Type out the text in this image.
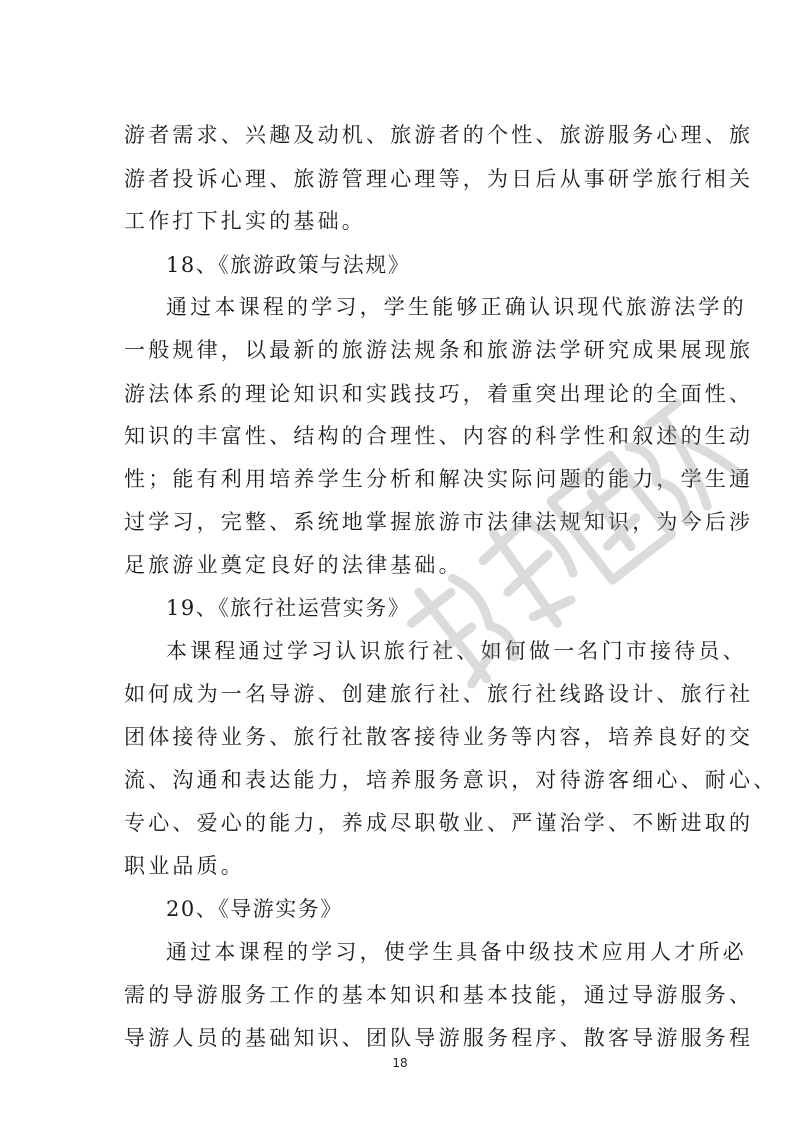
游者需求、兴趣及动机、旅游者的个性、旅游服务心理、旅
游者投诉心理、旅游管理心理等，为日后从事研学旅行相关
工作打下扎实的基础。
18、《旅游政策与法规》
通过本课程的学习，学生能够正确认识现代旅游法学的
一般规律，以最新的旅游法规条和旅游法学研究成果展现旅
游法体系的理论知识和实践技巧，着重突出理论的全面性、
知识的丰富性、结构的合理性、内容的科学性和叙述的生动
性；能有利用培养学生分析和解决实际问题的能力，学生通
过学习，完整、系统地掌握旅游市法律法规知识，为今后涉
足旅游业奠定良好的法律基础。
19、《旅行社运营实务》
本课程通过学习认识旅行社、如何做一名门市接待员、
如何成为一名导游、创建旅行社、旅行社线路设计、旅行社
团体接待业务、旅行社散客接待业务等内容，培养良好的交
流、沟通和表达能力，培养服务意识，对待游客细心、耐心、
专心、爱心的能力，养成尽职敬业、严谨治学、不断进取的
职业品质。
20、《导游实务》
通过本课程的学习，使学生具备中级技术应用人才所必
需的导游服务工作的基本知识和基本技能，通过导游服务、
导游人员的基础知识、团队导游服务程序、散客导游服务程
18
